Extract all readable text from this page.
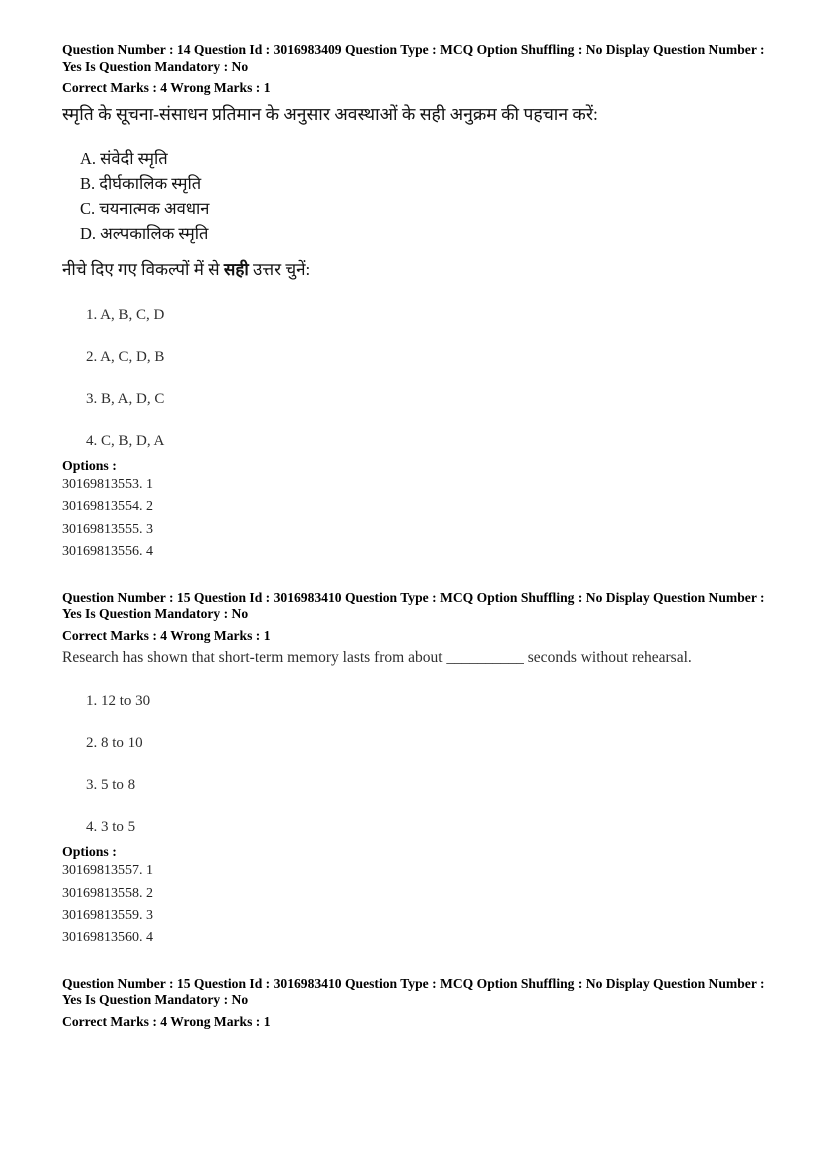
Question Number : 14 Question Id : 3016983409 Question Type : MCQ Option Shuffling : No Display Question Number : Yes Is Question Mandatory : No

Correct Marks : 4 Wrong Marks : 1

स्मृति के सूचना-संसाधन प्रतिमान के अनुसार अवस्थाओं के सही अनुक्रम की पहचान करें:

A. संवेदी स्मृति
B. दीर्घकालिक स्मृति
C. चयनात्मक अवधान
D. अल्पकालिक स्मृति

नीचे दिए गए विकल्पों में से सही उत्तर चुनें:

1. A, B, C, D

2. A, C, D, B

3. B, A, D, C

4. C, B, D, A

Options :

30169813553. 1

30169813554. 2

30169813555. 3

30169813556. 4

Question Number : 15 Question Id : 3016983410 Question Type : MCQ Option Shuffling : No Display Question Number : Yes Is Question Mandatory : No

Correct Marks : 4 Wrong Marks : 1

Research has shown that short-term memory lasts from about __________ seconds without rehearsal.

1. 12 to 30

2. 8 to 10

3. 5 to 8

4. 3 to 5

Options :

30169813557. 1

30169813558. 2

30169813559. 3

30169813560. 4

Question Number : 15 Question Id : 3016983410 Question Type : MCQ Option Shuffling : No Display Question Number : Yes Is Question Mandatory : No

Correct Marks : 4 Wrong Marks : 1
